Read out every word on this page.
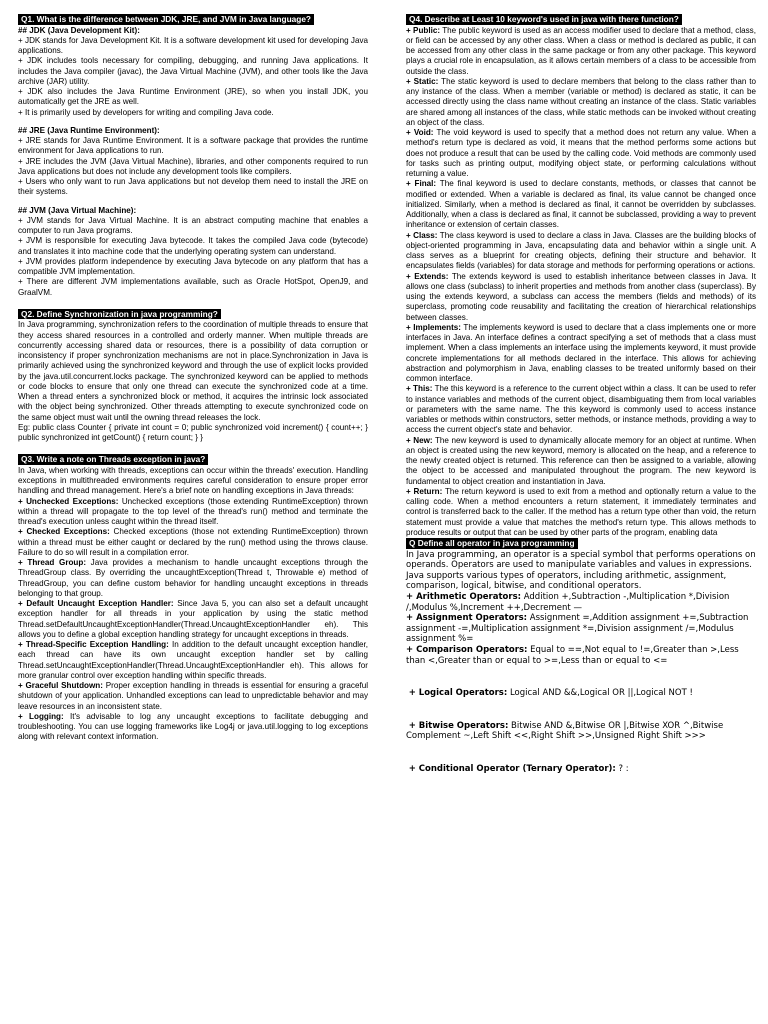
Q1. What is the difference between JDK, JRE, and JVM in Java language?

## JDK (Java Development Kit):

+ JDK stands for Java Development Kit. It is a software development kit used for developing Java applications.

+ JDK includes tools necessary for compiling, debugging, and running Java applications. It includes the Java compiler (javac), the Java Virtual Machine (JVM), and other tools like the Java archive (JAR) utility.

+ JDK also includes the Java Runtime Environment (JRE), so when you install JDK, you automatically get the JRE as well.

+ It is primarily used by developers for writing and compiling Java code.

## JRE (Java Runtime Environment):

+ JRE stands for Java Runtime Environment. It is a software package that provides the runtime environment for Java applications to run.

+ JRE includes the JVM (Java Virtual Machine), libraries, and other components required to run Java applications but does not include any development tools like compilers.

+ Users who only want to run Java applications but not develop them need to install the JRE on their systems.

## JVM (Java Virtual Machine):

+ JVM stands for Java Virtual Machine. It is an abstract computing machine that enables a computer to run Java programs.

+ JVM is responsible for executing Java bytecode. It takes the compiled Java code (bytecode) and translates it into machine code that the underlying operating system can understand.

+ JVM provides platform independence by executing Java bytecode on any platform that has a compatible JVM implementation.

+ There are different JVM implementations available, such as Oracle HotSpot, OpenJ9, and GraalVM.

Q2. Define Synchronization in java programming?

In Java programming, synchronization refers to the coordination of multiple threads to ensure that they access shared resources in a controlled and orderly manner. When multiple threads are concurrently accessing shared data or resources, there is a possibility of data corruption or inconsistency if proper synchronization mechanisms are not in place.Synchronization in Java is primarily achieved using the synchronized keyword and through the use of explicit locks provided by the java.util.concurrent.locks package. The synchronized keyword can be applied to methods or code blocks to ensure that only one thread can execute the synchronized code at a time. When a thread enters a synchronized block or method, it acquires the intrinsic lock associated with the object being synchronized. Other threads attempting to execute synchronized code on the same object must wait until the owning thread releases the lock.

Eg: public class Counter { private int count = 0; public synchronized void increment() { count++; } public synchronized int getCount() { return count; } }

Q3. Write a note on Threads exception in java?

In Java, when working with threads, exceptions can occur within the threads' execution. Handling exceptions in multithreaded environments requires careful consideration to ensure proper error handling and thread management. Here's a brief note on handling exceptions in Java threads:

+ Unchecked Exceptions: Unchecked exceptions (those extending RuntimeException) thrown within a thread will propagate to the top level of the thread's run() method and terminate the thread's execution unless caught within the thread itself.

+ Checked Exceptions: Checked exceptions (those not extending RuntimeException) thrown within a thread must be either caught or declared by the run() method using the throws clause. Failure to do so will result in a compilation error.

+ Thread Group: Java provides a mechanism to handle uncaught exceptions through the ThreadGroup class. By overriding the uncaughtException(Thread t, Throwable e) method of ThreadGroup, you can define custom behavior for handling uncaught exceptions in threads belonging to that group.

+ Default Uncaught Exception Handler: Since Java 5, you can also set a default uncaught exception handler for all threads in your application by using the static method Thread.setDefaultUncaughtExceptionHandler(Thread.UncaughtExceptionHandler eh). This allows you to define a global exception handling strategy for uncaught exceptions in threads.

+ Thread-Specific Exception Handling: In addition to the default uncaught exception handler, each thread can have its own uncaught exception handler set by calling Thread.setUncaughtExceptionHandler(Thread.UncaughtExceptionHandler eh). This allows for more granular control over exception handling within specific threads.

+ Graceful Shutdown: Proper exception handling in threads is essential for ensuring a graceful shutdown of your application. Unhandled exceptions can lead to unpredictable behavior and may leave resources in an inconsistent state.

+ Logging: It's advisable to log any uncaught exceptions to facilitate debugging and troubleshooting. You can use logging frameworks like Log4j or java.util.logging to log exceptions along with relevant context information.

Q4. Describe at Least 10 keyword's used in java with there function?

+ Public: The public keyword is used as an access modifier used to declare that a method, class, or field can be accessed by any other class. When a class or method is declared as public, it can be accessed from any other class in the same package or from any other package. This keyword plays a crucial role in encapsulation, as it allows certain members of a class to be accessible from outside the class.

+ Static: The static keyword is used to declare members that belong to the class rather than to any instance of the class. When a member (variable or method) is declared as static, it can be accessed directly using the class name without creating an instance of the class. Static variables are shared among all instances of the class, while static methods can be invoked without creating an object of the class.

+ Void: The void keyword is used to specify that a method does not return any value. When a method's return type is declared as void, it means that the method performs some actions but does not produce a result that can be used by the calling code. Void methods are commonly used for tasks such as printing output, modifying object state, or performing calculations without returning a value.

+ Final: The final keyword is used to declare constants, methods, or classes that cannot be modified or extended. When a variable is declared as final, its value cannot be changed once initialized. Similarly, when a method is declared as final, it cannot be overridden by subclasses. Additionally, when a class is declared as final, it cannot be subclassed, providing a way to prevent inheritance or extension of certain classes.

+ Class: The class keyword is used to declare a class in Java. Classes are the building blocks of object-oriented programming in Java, encapsulating data and behavior within a single unit. A class serves as a blueprint for creating objects, defining their structure and behavior. It encapsulates fields (variables) for data storage and methods for performing operations or actions.

+ Extends: The extends keyword is used to establish inheritance between classes in Java. It allows one class (subclass) to inherit properties and methods from another class (superclass). By using the extends keyword, a subclass can access the members (fields and methods) of its superclass, promoting code reusability and facilitating the creation of hierarchical relationships between classes.

+ Implements: The implements keyword is used to declare that a class implements one or more interfaces in Java. An interface defines a contract specifying a set of methods that a class must implement. When a class implements an interface using the implements keyword, it must provide concrete implementations for all methods declared in the interface. This allows for achieving abstraction and polymorphism in Java, enabling classes to be treated uniformly based on their common interface.

+ This: The this keyword is a reference to the current object within a class. It can be used to refer to instance variables and methods of the current object, disambiguating them from local variables or parameters with the same name. The this keyword is commonly used to access instance variables or methods within constructors, setter methods, or instance methods, providing a way to access the current object's state and behavior.

+ New: The new keyword is used to dynamically allocate memory for an object at runtime. When an object is created using the new keyword, memory is allocated on the heap, and a reference to the newly created object is returned. This reference can then be assigned to a variable, allowing the object to be accessed and manipulated throughout the program. The new keyword is fundamental to object creation and instantiation in Java.

+ Return: The return keyword is used to exit from a method and optionally return a value to the calling code. When a method encounters a return statement, it immediately terminates and control is transferred back to the caller. If the method has a return type other than void, the return statement must provide a value that matches the method's return type. This allows methods to produce results or output that can be used by other parts of the program, enabling data

Q Define all operator in java programming

In Java programming, an operator is a special symbol that performs operations on operands. Operators are used to manipulate variables and values in expressions. Java supports various types of operators, including arithmetic, assignment, comparison, logical, bitwise, and conditional operators.

+ Arithmetic Operators: Addition +,Subtraction -,Multiplication *,Division /,Modulus %,Increment ++,Decrement —

+ Assignment Operators: Assignment =,Addition assignment +=,Subtraction assignment -=,Multiplication assignment *=,Division assignment /=,Modulus assignment %=

+ Comparison Operators: Equal to ==,Not equal to !=,Greater than >,Less than <,Greater than or equal to >=,Less than or equal to <=

+ Logical Operators: Logical AND &&,Logical OR ||,Logical NOT !

+ Bitwise Operators: Bitwise AND &,Bitwise OR |,Bitwise XOR ^,Bitwise Complement ~,Left Shift <<,Right Shift >>,Unsigned Right Shift >>>

+ Conditional Operator (Ternary Operator): ? :
